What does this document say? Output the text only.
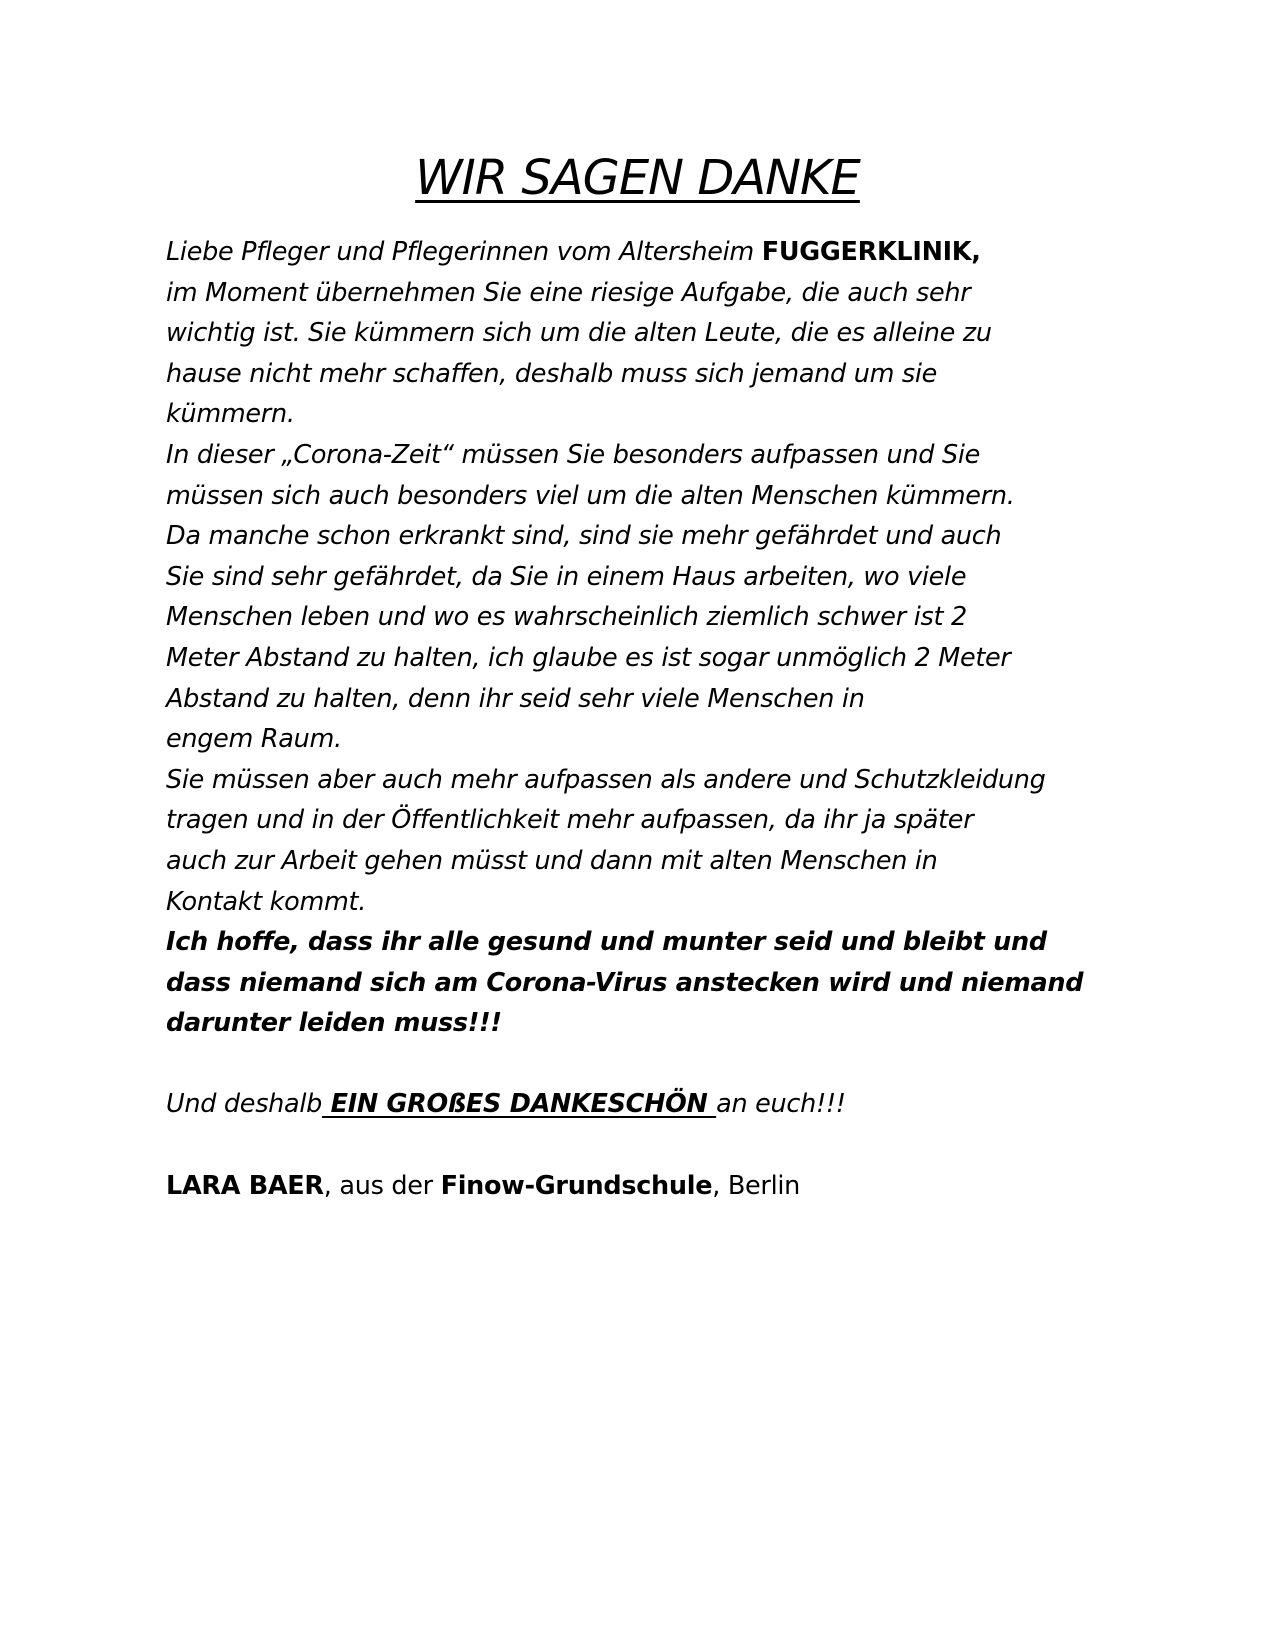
WIR SAGEN DANKE
Liebe Pfleger und Pflegerinnen vom Altersheim FUGGERKLINIK,
im Moment übernehmen Sie eine riesige Aufgabe, die auch sehr
wichtig ist. Sie kümmern sich um die alten Leute, die es alleine zu
hause nicht mehr schaffen, deshalb muss sich jemand um sie
kümmern.
In dieser „Corona-Zeit“ müssen Sie besonders aufpassen und Sie
müssen sich auch besonders viel um die alten Menschen kümmern.
Da manche schon erkrankt sind, sind sie mehr gefährdet und auch
Sie sind sehr gefährdet, da Sie in einem Haus arbeiten, wo viele
Menschen leben und wo es wahrscheinlich ziemlich schwer ist 2
Meter Abstand zu halten, ich glaube es ist sogar unmöglich 2 Meter
Abstand zu halten, denn ihr seid sehr viele Menschen in
engem Raum.
Sie müssen aber auch mehr aufpassen als andere und Schutzkleidung
tragen und in der Öffentlichkeit mehr aufpassen, da ihr ja später
auch zur Arbeit gehen müsst und dann mit alten Menschen in
Kontakt kommt.
Ich hoffe, dass ihr alle gesund und munter seid und bleibt und
dass niemand sich am Corona-Virus anstecken wird und niemand
darunter leiden muss!!!
Und deshalb EIN GROßES DANKESCHÖN an euch!!!
LARA BAER, aus der Finow-Grundschule, Berlin
